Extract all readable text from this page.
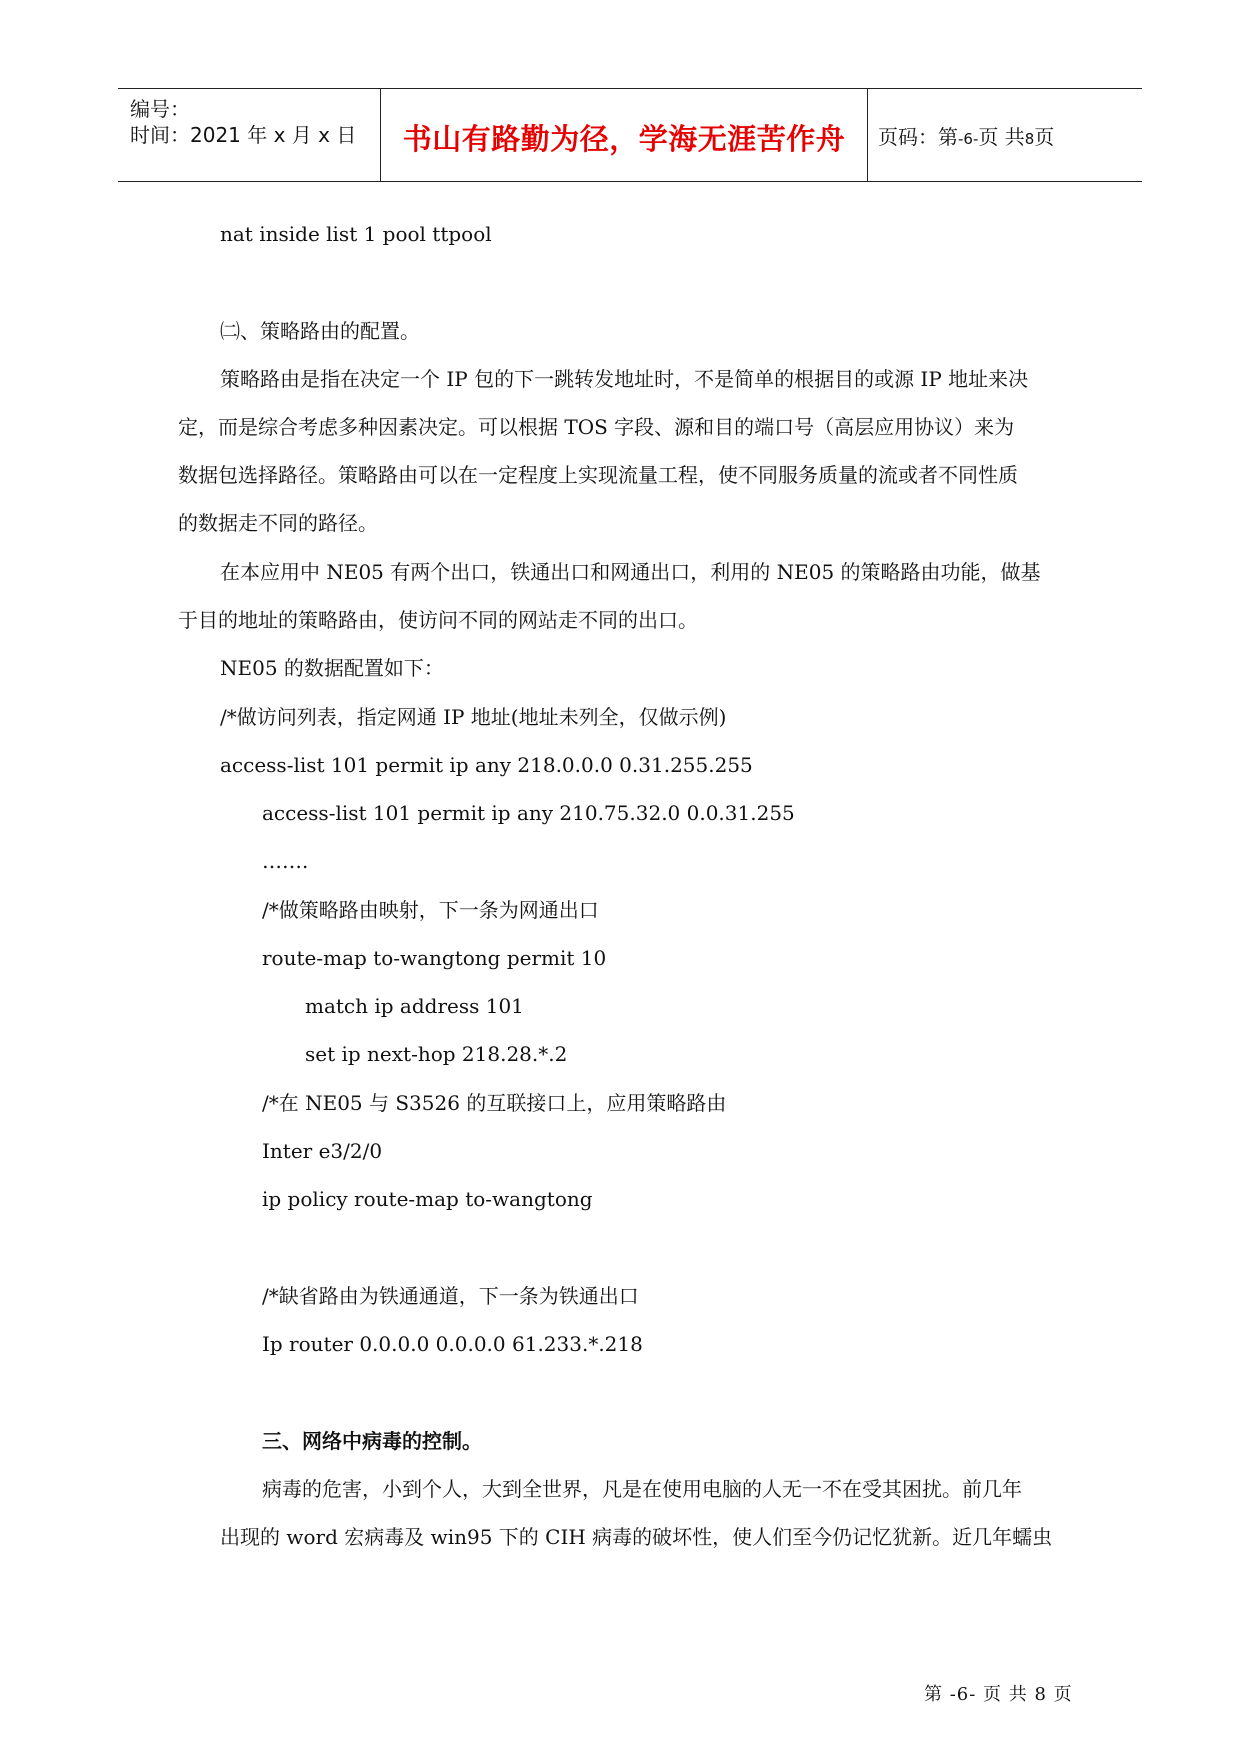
编号：
时间：2021 年 x 月 x 日	书山有路勤为径，学海无涯苦作舟	页码：第-6-页 共8页
nat inside list 1 pool ttpool
㈡、策略路由的配置。
策略路由是指在决定一个 IP 包的下一跳转发地址时，不是简单的根据目的或源 IP 地址来决
定，而是综合考虑多种因素决定。可以根据 TOS 字段、源和目的端口号（高层应用协议）来为
数据包选择路径。策略路由可以在一定程度上实现流量工程，使不同服务质量的流或者不同性质
的数据走不同的路径。
在本应用中 NE05 有两个出口，铁通出口和网通出口，利用的 NE05 的策略路由功能，做基
于目的地址的策略路由，使访问不同的网站走不同的出口。
NE05 的数据配置如下：
/*做访问列表，指定网通 IP 地址(地址未列全，仅做示例)
access-list 101 permit ip any 218.0.0.0 0.31.255.255
access-list 101 permit ip any 210.75.32.0 0.0.31.255
…….
/*做策略路由映射，下一条为网通出口
route-map to-wangtong permit 10
match ip address 101
set ip next-hop 218.28.*.2
/*在 NE05 与 S3526 的互联接口上，应用策略路由
Inter e3/2/0
ip policy route-map to-wangtong
/*缺省路由为铁通通道，下一条为铁通出口
Ip router 0.0.0.0 0.0.0.0 61.233.*.218
三、网络中病毒的控制。
病毒的危害，小到个人，大到全世界，凡是在使用电脑的人无一不在受其困扰。前几年
出现的 word 宏病毒及 win95 下的 CIH 病毒的破坏性，使人们至今仍记忆犹新。近几年蠕虫
第 -6- 页 共 8 页
